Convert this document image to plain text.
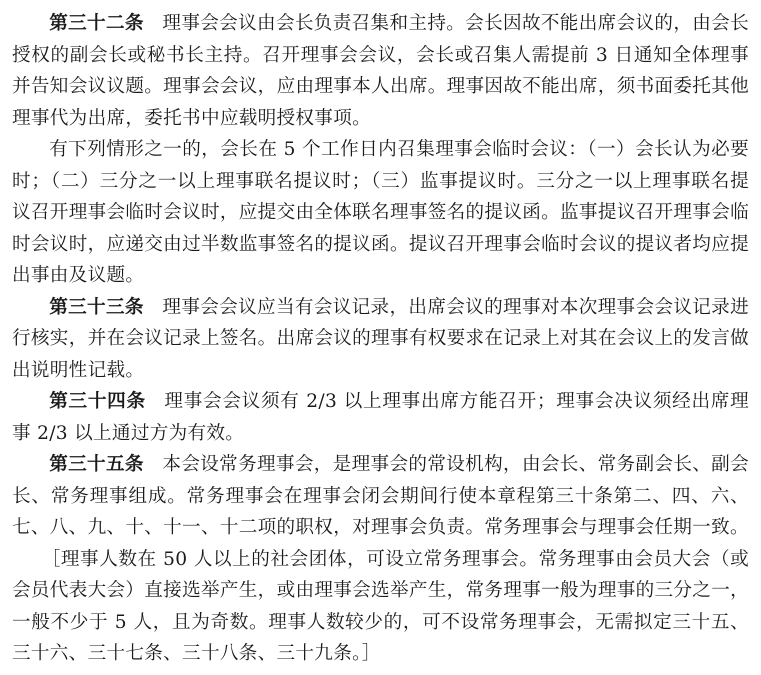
第三十二条 理事会会议由会长负责召集和主持。会长因故不能出席会议的，由会长授权的副会长或秘书长主持。召开理事会会议，会长或召集人需提前 3 日通知全体理事并告知会议议题。理事会会议，应由理事本人出席。理事因故不能出席，须书面委托其他理事代为出席，委托书中应载明授权事项。

有下列情形之一的，会长在 5 个工作日内召集理事会临时会议：（一）会长认为必要时；（二）三分之一以上理事联名提议时；（三）监事提议时。三分之一以上理事联名提议召开理事会临时会议时，应提交由全体联名理事签名的提议函。监事提议召开理事会临时会议时，应递交由过半数监事签名的提议函。提议召开理事会临时会议的提议者均应提出事由及议题。

第三十三条 理事会会议应当有会议记录，出席会议的理事对本次理事会会议记录进行核实，并在会议记录上签名。出席会议的理事有权要求在记录上对其在会议上的发言做出说明性记载。

第三十四条 理事会会议须有 2/3 以上理事出席方能召开；理事会决议须经出席理事 2/3 以上通过方为有效。

第三十五条 本会设常务理事会，是理事会的常设机构，由会长、常务副会长、副会长、常务理事组成。常务理事会在理事会闭会期间行使本章程第三十条第二、四、六、七、八、九、十、十一、十二项的职权，对理事会负责。常务理事会与理事会任期一致。

［理事人数在 50 人以上的社会团体，可设立常务理事会。常务理事由会员大会（或会员代表大会）直接选举产生，或由理事会选举产生，常务理事一般为理事的三分之一，一般不少于 5 人，且为奇数。理事人数较少的，可不设常务理事会，无需拟定三十五、三十六、三十七条、三十八条、三十九条。］
